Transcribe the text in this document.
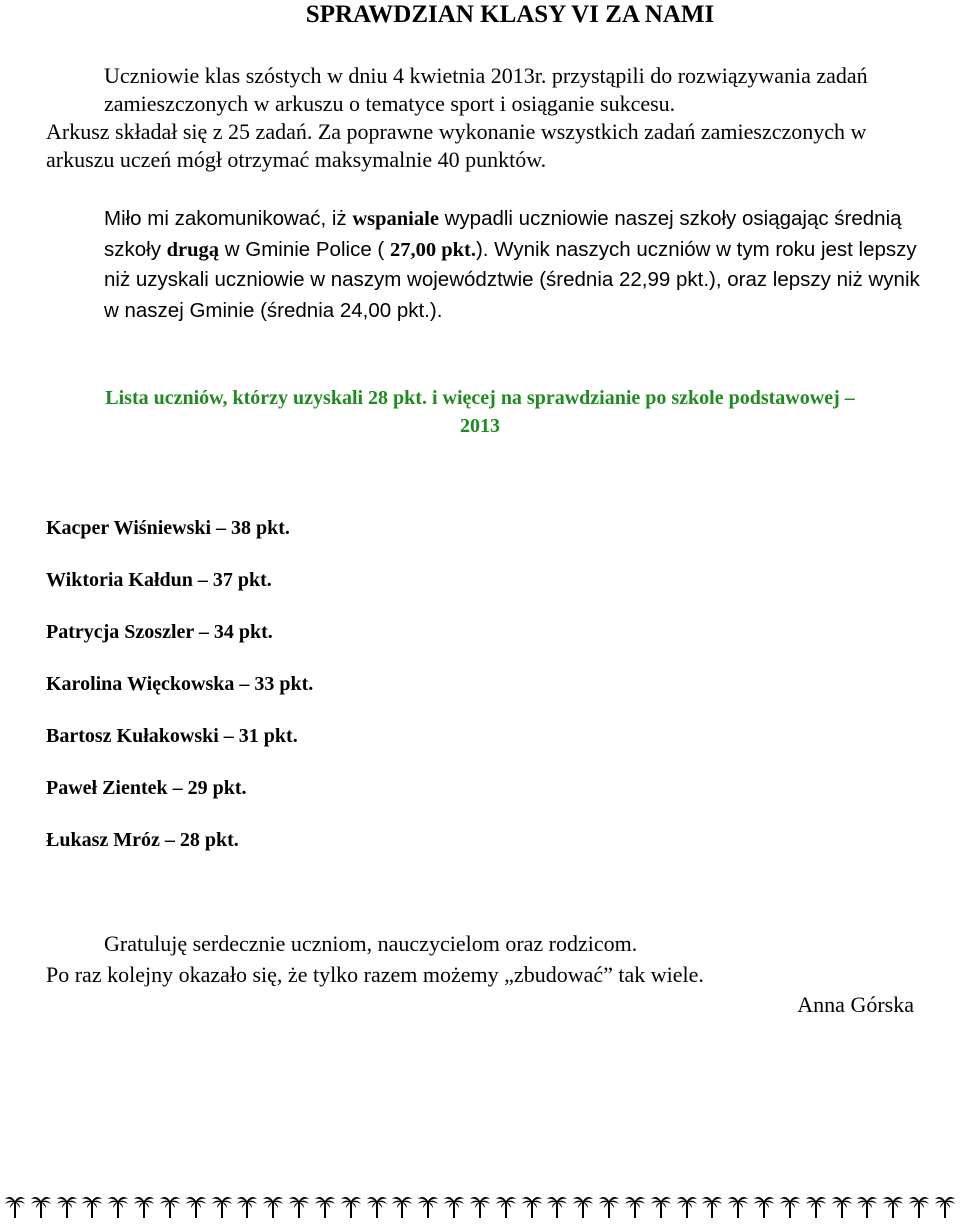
SPRAWDZIAN KLASY VI ZA NAMI

Uczniowie klas szóstych w dniu 4 kwietnia 2013r. przystąpili do rozwiązywania zadań zamieszczonych w arkuszu o tematyce sport i osiąganie sukcesu.

Arkusz składał się z 25 zadań. Za poprawne wykonanie wszystkich zadań zamieszczonych w arkuszu uczeń mógł otrzymać maksymalnie 40 punktów.

Miło mi zakomunikować, iż wspaniale wypadli uczniowie naszej szkoły osiągając średnią szkoły drugą w Gminie Police ( 27,00 pkt.). Wynik naszych uczniów w tym roku jest lepszy niż uzyskali uczniowie w naszym województwie (średnia 22,99 pkt.), oraz lepszy niż wynik w naszej Gminie (średnia 24,00 pkt.).

Lista uczniów, którzy uzyskali 28 pkt. i więcej na sprawdzianie po szkole podstawowej –
2013
Kacper Wiśniewski – 38 pkt.
Wiktoria Kałdun – 37 pkt.
Patrycja Szoszler – 34 pkt.
Karolina Więckowska – 33 pkt.
Bartosz Kułakowski – 31 pkt.
Paweł Zientek – 29 pkt.
Łukasz Mróz – 28 pkt.

Gratuluję serdecznie uczniom, nauczycielom oraz rodzicom.

Po raz kolejny okazało się, że tylko razem możemy „zbudować” tak wiele.

Anna Górska
